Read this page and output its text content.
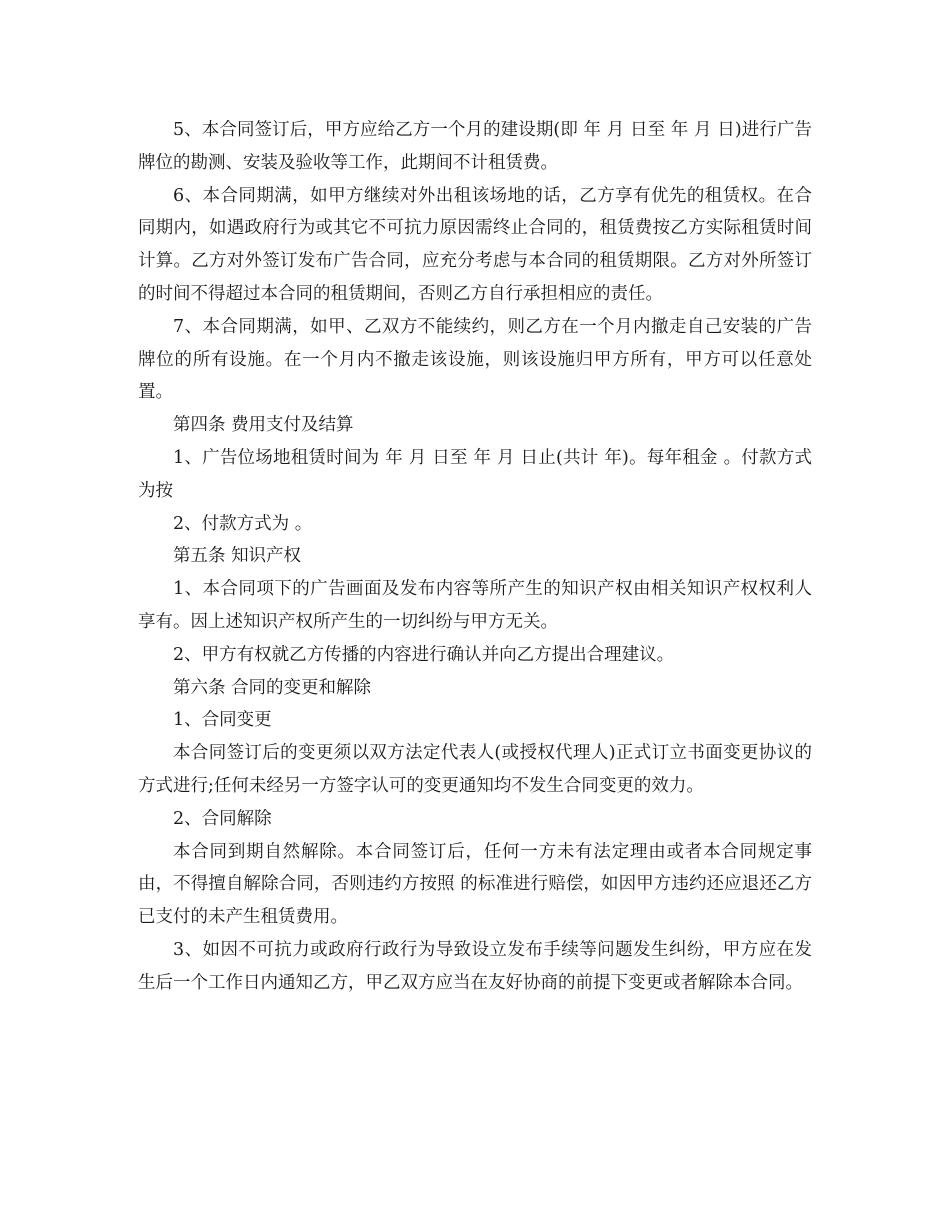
5、本合同签订后，甲方应给乙方一个月的建设期(即 年 月 日至 年 月 日)进行广告牌位的勘测、安装及验收等工作，此期间不计租赁费。

6、本合同期满，如甲方继续对外出租该场地的话，乙方享有优先的租赁权。在合同期内，如遇政府行为或其它不可抗力原因需终止合同的，租赁费按乙方实际租赁时间计算。乙方对外签订发布广告合同，应充分考虑与本合同的租赁期限。乙方对外所签订的时间不得超过本合同的租赁期间，否则乙方自行承担相应的责任。

7、本合同期满，如甲、乙双方不能续约，则乙方在一个月内撤走自己安装的广告牌位的所有设施。在一个月内不撤走该设施，则该设施归甲方所有，甲方可以任意处置。

第四条 费用支付及结算

1、广告位场地租赁时间为 年 月 日至 年 月 日止(共计 年)。每年租金 。付款方式为按

2、付款方式为 。

第五条 知识产权

1、本合同项下的广告画面及发布内容等所产生的知识产权由相关知识产权权利人享有。因上述知识产权所产生的一切纠纷与甲方无关。

2、甲方有权就乙方传播的内容进行确认并向乙方提出合理建议。

第六条 合同的变更和解除

1、合同变更

本合同签订后的变更须以双方法定代表人(或授权代理人)正式订立书面变更协议的方式进行;任何未经另一方签字认可的变更通知均不发生合同变更的效力。

2、合同解除

本合同到期自然解除。本合同签订后，任何一方未有法定理由或者本合同规定事由，不得擅自解除合同，否则违约方按照 的标准进行赔偿，如因甲方违约还应退还乙方已支付的未产生租赁费用。

3、如因不可抗力或政府行政行为导致设立发布手续等问题发生纠纷，甲方应在发生后一个工作日内通知乙方，甲乙双方应当在友好协商的前提下变更或者解除本合同。
